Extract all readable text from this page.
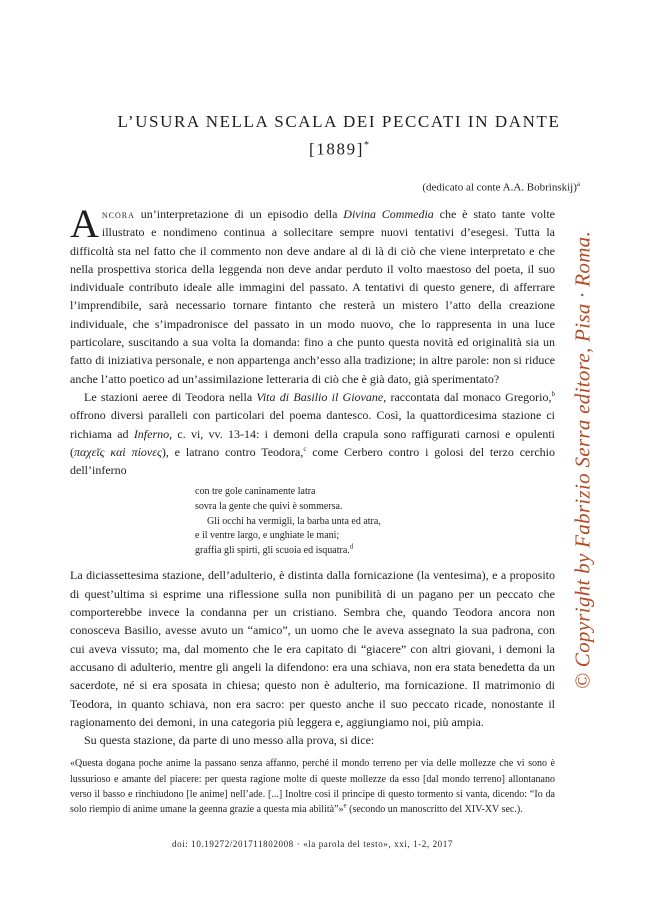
L’USURA NELLA SCALA DEI PECCATI IN DANTE
[1889]*
(dedicato al conte A.A. Bobrinskij)$^a$

Ancora un’interpretazione di un episodio della Divina Commedia che è stato tante volte illustrato e nondimeno continua a sollecitare sempre nuovi tentativi d’esegesi. Tutta la difficoltà sta nel fatto che il commento non deve andare al di là di ciò che viene interpretato e che nella prospettiva storica della leggenda non deve andar perduto il volto maestoso del poeta, il suo individuale contributo ideale alle immagini del passato. A tentativi di questo genere, di afferrare l’imprendibile, sarà necessario tornare fintanto che resterà un mistero l’atto della creazione individuale, che s’impadronisce del passato in un modo nuovo, che lo rappresenta in una luce particolare, suscitando a sua volta la domanda: fino a che punto questa novità ed originalità sia un fatto di iniziativa personale, e non appartenga anch’esso alla tradizione; in altre parole: non si riduce anche l’atto poetico ad un’assimilazione letteraria di ciò che è già dato, già sperimentato?

Le stazioni aeree di Teodora nella Vita di Basilio il Giovane, raccontata dal monaco Gregorio,$^b$ offrono diversi paralleli con particolari del poema dantesco. Così, la quattordicesima stazione ci richiama ad Inferno, c. vi, vv. 13-14: i demoni della crapula sono raffigurati carnosi e opulenti (παχεῖς καὶ πίονες), e latrano contro Teodora,$^c$ come Cerbero contro i golosi del terzo cerchio dell’inferno

con tre gole caninamente latra
sovra la gente che quivi è sommersa.
Gli occhi ha vermigli, la barba unta ed atra,
e il ventre largo, e unghiate le mani;
graffia gli spirti, gli scuoia ed isquatra.$^d$

La diciassettesima stazione, dell’adulterio, è distinta dalla fornicazione (la ventesima), e a proposito di quest’ultima si esprime una riflessione sulla non punibilità di un pagano per un peccato che comporterebbe invece la condanna per un cristiano. Sembra che, quando Teodora ancora non conosceva Basilio, avesse avuto un “amico”, un uomo che le aveva assegnato la sua padrona, con cui aveva vissuto; ma, dal momento che le era capitato di “giacere” con altri giovani, i demoni la accusano di adulterio, mentre gli angeli la difendono: era una schiava, non era stata benedetta da un sacerdote, né si era sposata in chiesa; questo non è adulterio, ma fornicazione. Il matrimonio di Teodora, in quanto schiava, non era sacro: per questo anche il suo peccato ricade, nonostante il ragionamento dei demoni, in una categoria più leggera e, aggiungiamo noi, più ampia.

Su questa stazione, da parte di uno messo alla prova, si dice:

«Questa dogana poche anime la passano senza affanno, perché il mondo terreno per via delle mollezze che vi sono è lussurioso e amante del piacere: per questa ragione molte di queste mollezze da esso [dal mondo terreno] allontanano verso il basso e rinchiudono [le anime] nell’ade. [...] Inoltre così il principe di questo tormento si vanta, dicendo: “Io da solo riempio di anime umane la geenna grazie a questa mia abilità”»$^e$ (secondo un manoscritto del XIV-XV sec.).
doi: 10.19272/201711802008 · «la parola del testo», xxi, 1-2, 2017
© Copyright by Fabrizio Serra editore, Pisa · Roma.
